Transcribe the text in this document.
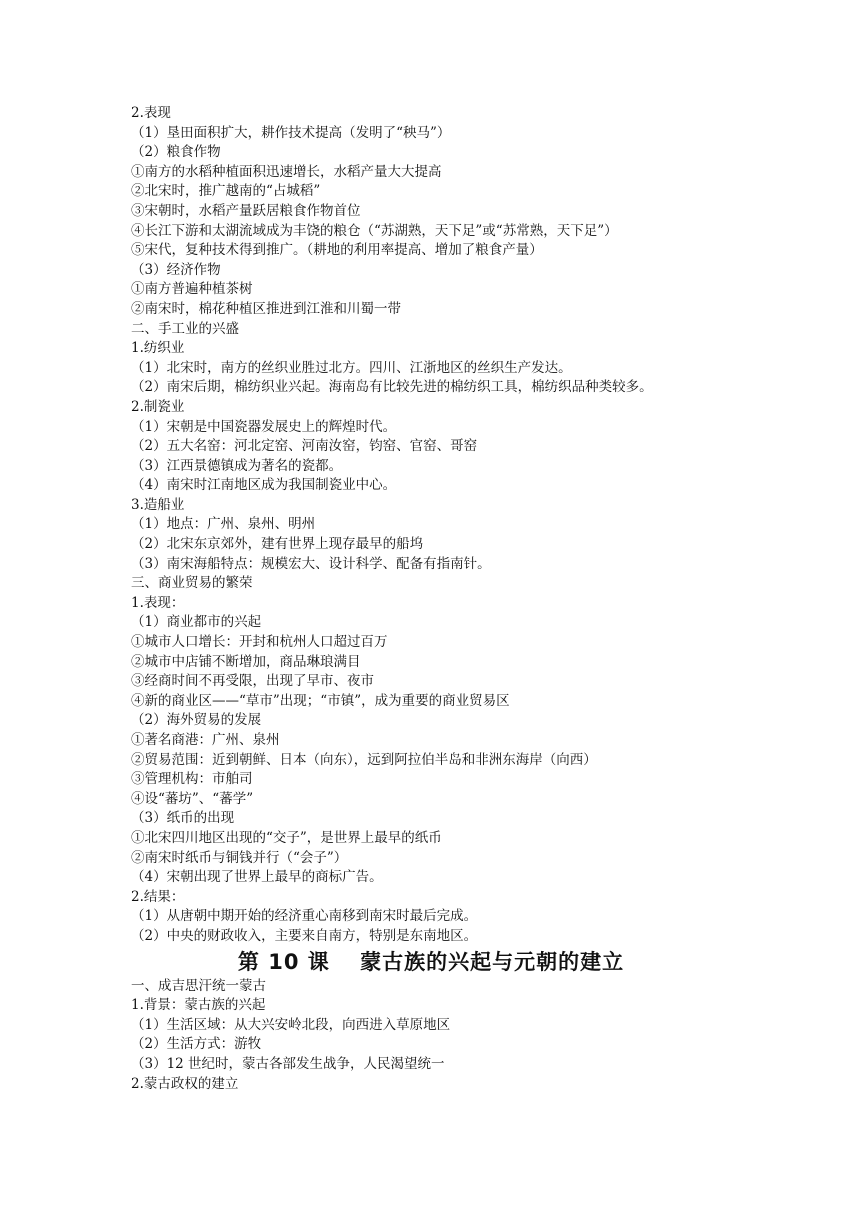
2.表现
（1）垦田面积扩大，耕作技术提高（发明了“秧马”）
（2）粮食作物
①南方的水稻种植面积迅速增长，水稻产量大大提高
②北宋时，推广越南的“占城稻”
③宋朝时，水稻产量跃居粮食作物首位
④长江下游和太湖流域成为丰饶的粮仓（“苏湖熟，天下足”或“苏常熟，天下足”）
⑤宋代，复种技术得到推广。（耕地的利用率提高、增加了粮食产量）
（3）经济作物
①南方普遍种植茶树
②南宋时，棉花种植区推进到江淮和川蜀一带
二、手工业的兴盛
1.纺织业
（1）北宋时，南方的丝织业胜过北方。四川、江浙地区的丝织生产发达。
（2）南宋后期，棉纺织业兴起。海南岛有比较先进的棉纺织工具，棉纺织品种类较多。
2.制瓷业
（1）宋朝是中国瓷器发展史上的辉煌时代。
（2）五大名窑：河北定窑、河南汝窑，钧窑、官窑、哥窑
（3）江西景德镇成为著名的瓷都。
（4）南宋时江南地区成为我国制瓷业中心。
3.造船业
（1）地点：广州、泉州、明州
（2）北宋东京郊外，建有世界上现存最早的船坞
（3）南宋海船特点：规模宏大、设计科学、配备有指南针。
三、商业贸易的繁荣
1.表现：
（1）商业都市的兴起
①城市人口增长：开封和杭州人口超过百万
②城市中店铺不断增加，商品琳琅满目
③经商时间不再受限，出现了早市、夜市
④新的商业区——“草市”出现；“市镇”，成为重要的商业贸易区
（2）海外贸易的发展
①著名商港：广州、泉州
②贸易范围：近到朝鲜、日本（向东），远到阿拉伯半岛和非洲东海岸（向西）
③管理机构：市舶司
④设“蕃坊”、“蕃学”
（3）纸币的出现
①北宋四川地区出现的“交子”，是世界上最早的纸币
②南宋时纸币与铜钱并行（“会子”）
（4）宋朝出现了世界上最早的商标广告。
2.结果：
（1）从唐朝中期开始的经济重心南移到南宋时最后完成。
（2）中央的财政收入，主要来自南方，特别是东南地区。
第 10 课　 蒙古族的兴起与元朝的建立
一、成吉思汗统一蒙古
1.背景：蒙古族的兴起
（1）生活区域：从大兴安岭北段，向西进入草原地区
（2）生活方式：游牧
（3）12 世纪时，蒙古各部发生战争，人民渴望统一
2.蒙古政权的建立
